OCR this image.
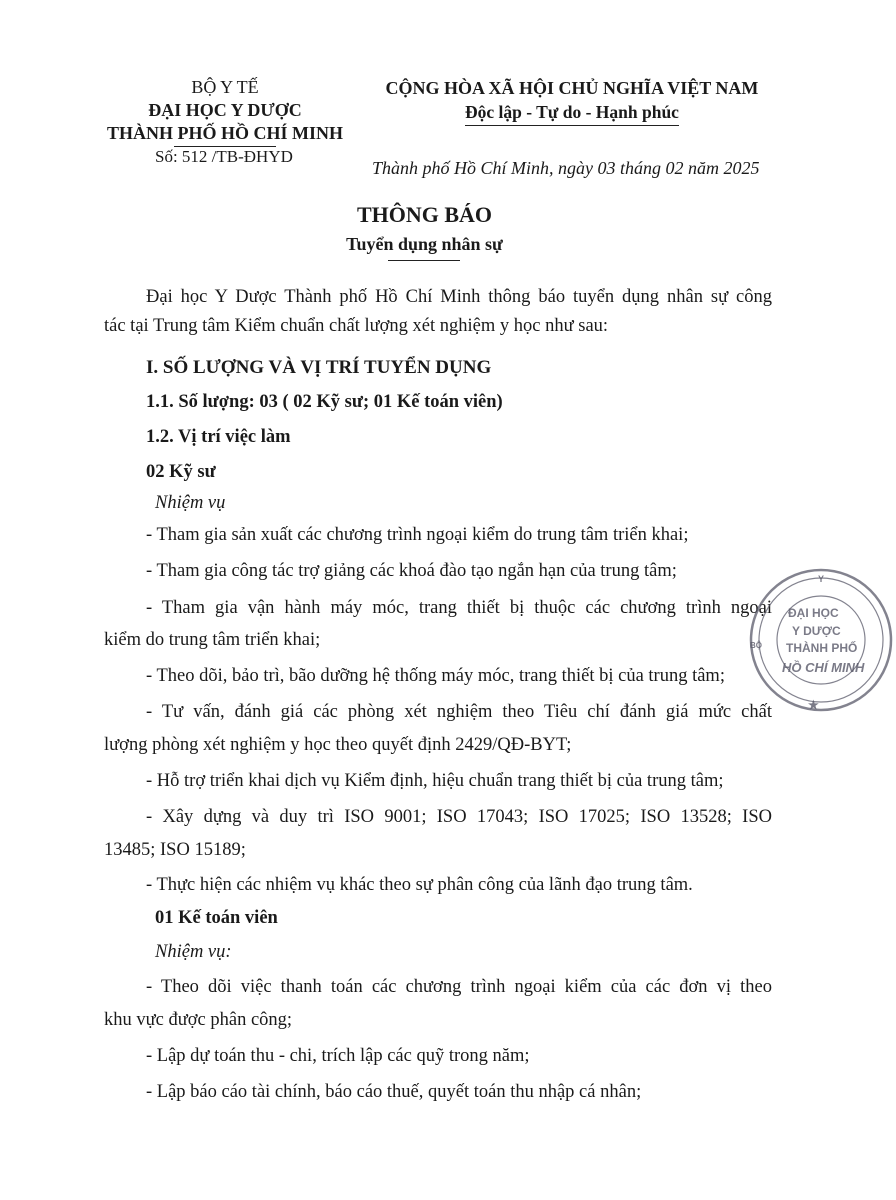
BỘ Y TẾ
ĐẠI HỌC Y DƯỢC
THÀNH PHỐ HỒ CHÍ MINH
Số: 512 /TB-ĐHYD
CỘNG HÒA XÃ HỘI CHỦ NGHĨA VIỆT NAM
Độc lập - Tự do - Hạnh phúc
Thành phố Hồ Chí Minh, ngày 03 tháng 02 năm 2025
THÔNG BÁO
Tuyển dụng nhân sự
Đại học Y Dược Thành phố Hồ Chí Minh thông báo tuyển dụng nhân sự công
tác tại Trung tâm Kiểm chuẩn chất lượng xét nghiệm y học như sau:
I. SỐ LƯỢNG VÀ VỊ TRÍ TUYỂN DỤNG
1.1. Số lượng: 03 ( 02 Kỹ sư; 01 Kế toán viên)
1.2. Vị trí việc làm
02 Kỹ sư
Nhiệm vụ
- Tham gia sản xuất các chương trình ngoại kiểm do trung tâm triển khai;
- Tham gia công tác trợ giảng các khoá đào tạo ngắn hạn của trung tâm;
- Tham gia vận hành máy móc, trang thiết bị thuộc các chương trình ngoại
kiểm do trung tâm triển khai;
- Theo dõi, bảo trì, bão dưỡng hệ thống máy móc, trang thiết bị của trung tâm;
- Tư vấn, đánh giá các phòng xét nghiệm theo Tiêu chí đánh giá mức chất
lượng phòng xét nghiệm y học theo quyết định 2429/QĐ-BYT;
- Hỗ trợ triển khai dịch vụ Kiểm định, hiệu chuẩn trang thiết bị của trung tâm;
- Xây dựng và duy trì ISO 9001; ISO 17043; ISO 17025; ISO 13528; ISO
13485; ISO 15189;
- Thực hiện các nhiệm vụ khác theo sự phân công của lãnh đạo trung tâm.
01 Kế toán viên
Nhiệm vụ:
- Theo dõi việc thanh toán các chương trình ngoại kiểm của các đơn vị theo
khu vực được phân công;
- Lập dự toán thu - chi, trích lập các quỹ trong năm;
- Lập báo cáo tài chính, báo cáo thuế, quyết toán thu nhập cá nhân;
Y
ĐẠI HỌC
Y DƯỢC
THÀNH PHỐ
HỒ CHÍ MINH
BỘ
★
